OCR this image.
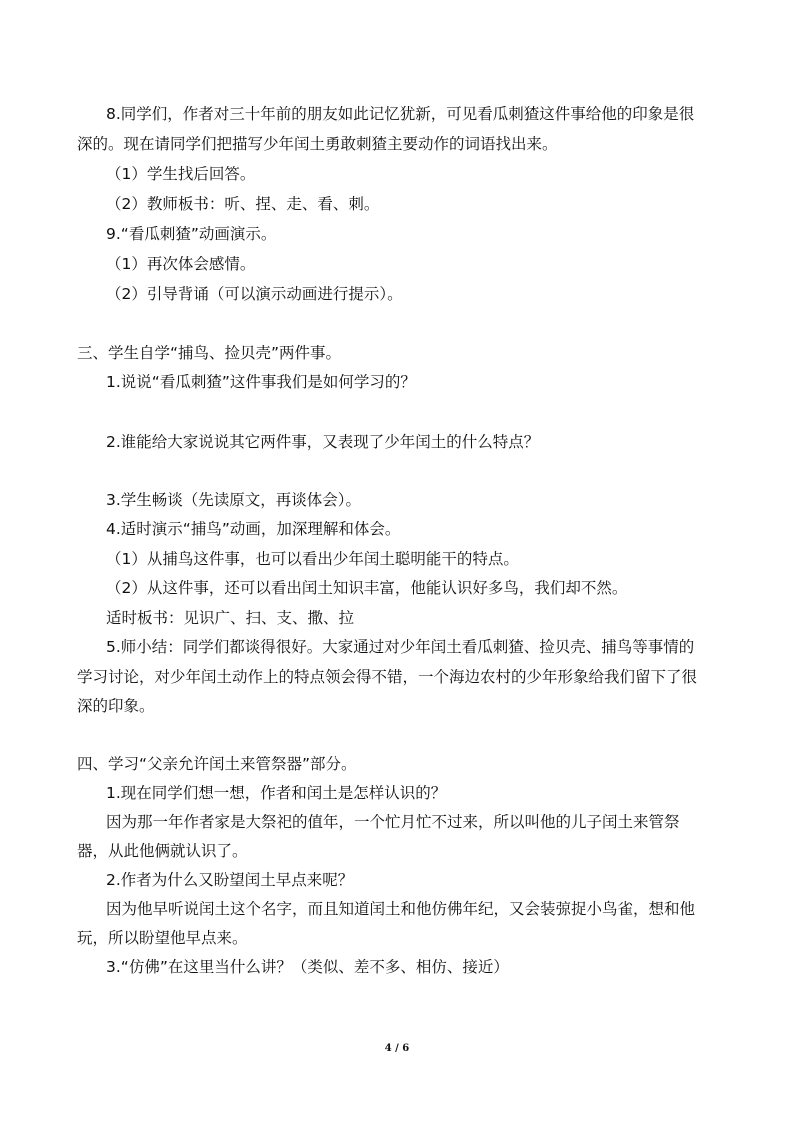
8.同学们，作者对三十年前的朋友如此记忆犹新，可见看瓜刺猹这件事给他的印象是很
深的。现在请同学们把描写少年闰土勇敢刺猹主要动作的词语找出来。
（1）学生找后回答。
（2）教师板书：听、捏、走、看、刺。
9.“看瓜刺猹”动画演示。
（1）再次体会感情。
（2）引导背诵（可以演示动画进行提示）。
三、学生自学“捕鸟、捡贝壳”两件事。
1.说说“看瓜刺猹”这件事我们是如何学习的？
2.谁能给大家说说其它两件事，又表现了少年闰土的什么特点？
3.学生畅谈（先读原文，再谈体会）。
4.适时演示“捕鸟”动画，加深理解和体会。
（1）从捕鸟这件事，也可以看出少年闰土聪明能干的特点。
（2）从这件事，还可以看出闰土知识丰富，他能认识好多鸟，我们却不然。
适时板书：见识广、扫、支、撒、拉
5.师小结：同学们都谈得很好。大家通过对少年闰土看瓜刺猹、捡贝壳、捕鸟等事情的
学习讨论，对少年闰土动作上的特点领会得不错，一个海边农村的少年形象给我们留下了很
深的印象。
四、学习“父亲允许闰土来管祭器”部分。
1.现在同学们想一想，作者和闰土是怎样认识的？
因为那一年作者家是大祭祀的值年，一个忙月忙不过来，所以叫他的儿子闰土来管祭
器，从此他俩就认识了。
2.作者为什么又盼望闰土早点来呢？
因为他早听说闰土这个名字，而且知道闰土和他仿佛年纪，又会装弶捉小鸟雀，想和他
玩，所以盼望他早点来。
3.“仿佛”在这里当什么讲？（类似、差不多、相仿、接近）
4 / 6
